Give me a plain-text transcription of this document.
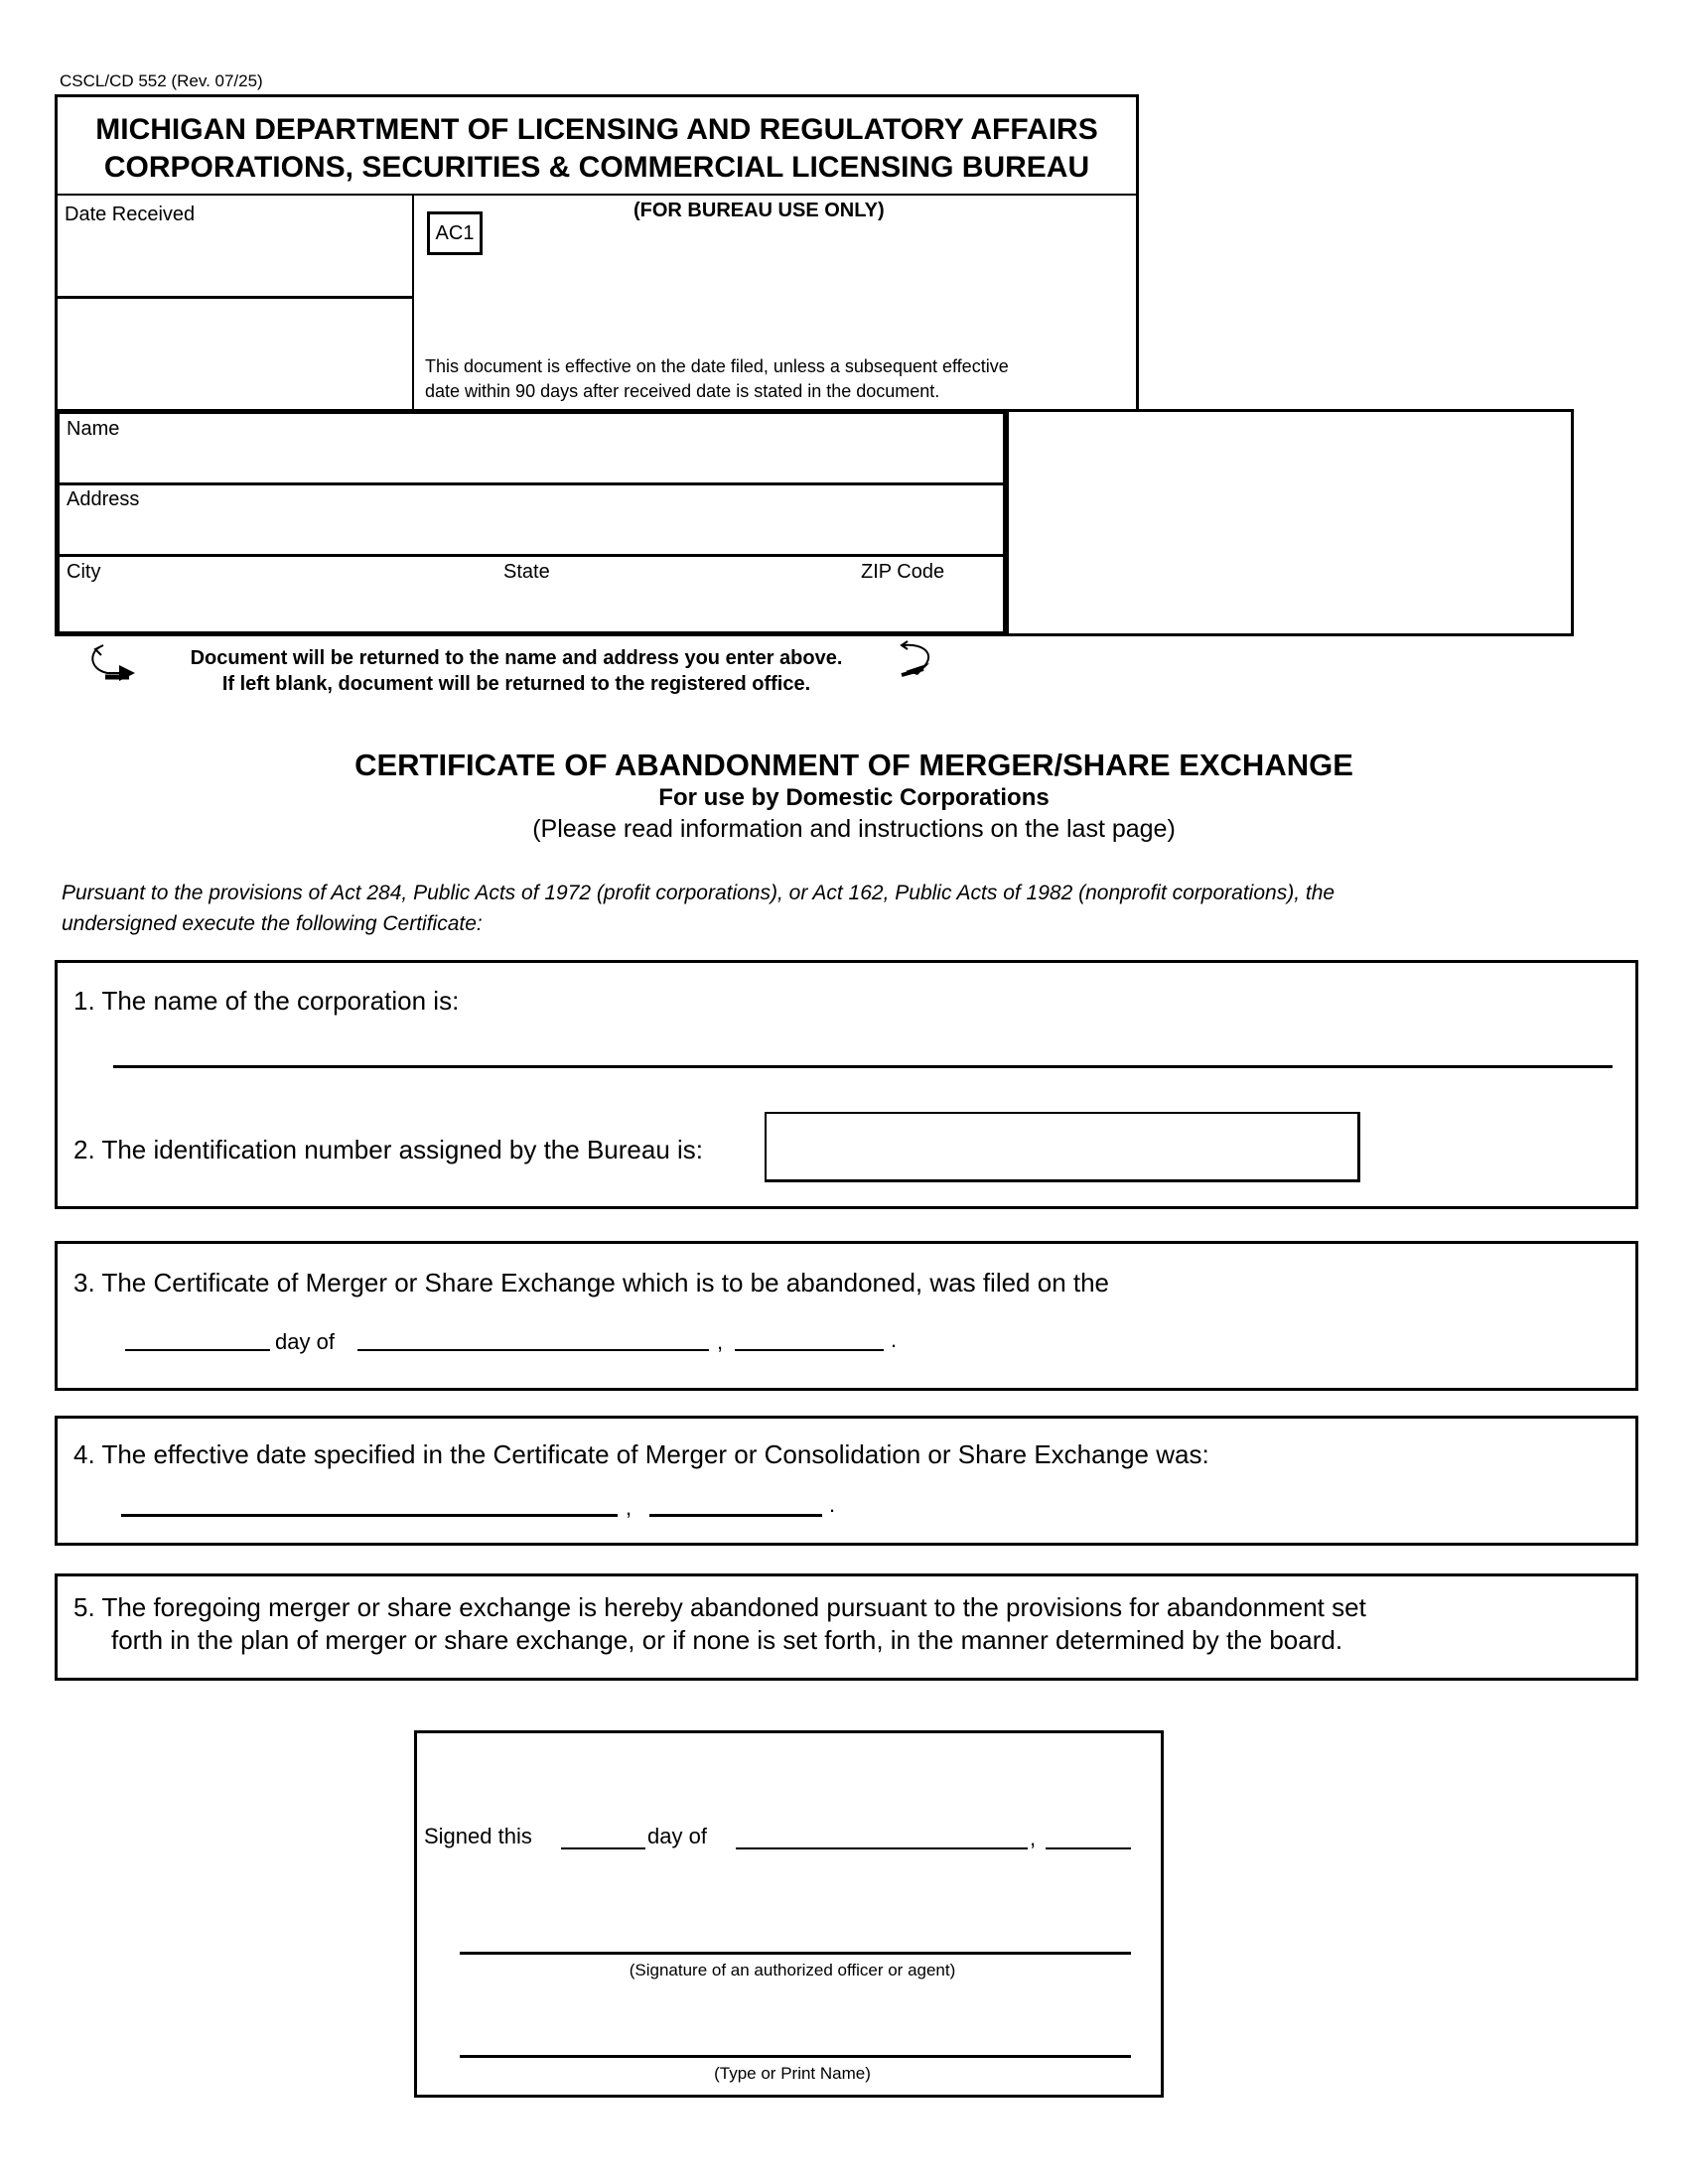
CSCL/CD 552 (Rev. 07/25)
MICHIGAN DEPARTMENT OF LICENSING AND REGULATORY AFFAIRS
CORPORATIONS, SECURITIES & COMMERCIAL LICENSING BUREAU
Date Received	(FOR BUREAU USE ONLY)
AC1
This document is effective on the date filed, unless a subsequent effective
date within 90 days after received date is stated in the document.
Name
Address
City	State	ZIP Code
Document will be returned to the name and address you enter above.
If left blank, document will be returned to the registered office.
CERTIFICATE OF ABANDONMENT OF MERGER/SHARE EXCHANGE
For use by Domestic Corporations
(Please read information and instructions on the last page)
Pursuant to the provisions of Act 284, Public Acts of 1972 (profit corporations), or Act 162, Public Acts of 1982 (nonprofit corporations), the
undersigned execute the following Certificate:
1. The name of the corporation is:
2. The identification number assigned by the Bureau is:
3. The Certificate of Merger or Share Exchange which is to be abandoned, was filed on the
day of	,	.
4. The effective date specified in the Certificate of Merger or Consolidation or Share Exchange was:
,	.
5. The foregoing merger or share exchange is hereby abandoned pursuant to the provisions for abandonment set
forth in the plan of merger or share exchange, or if none is set forth, in the manner determined by the board.
Signed this	day of	,
(Signature of an authorized officer or agent)
(Type or Print Name)
